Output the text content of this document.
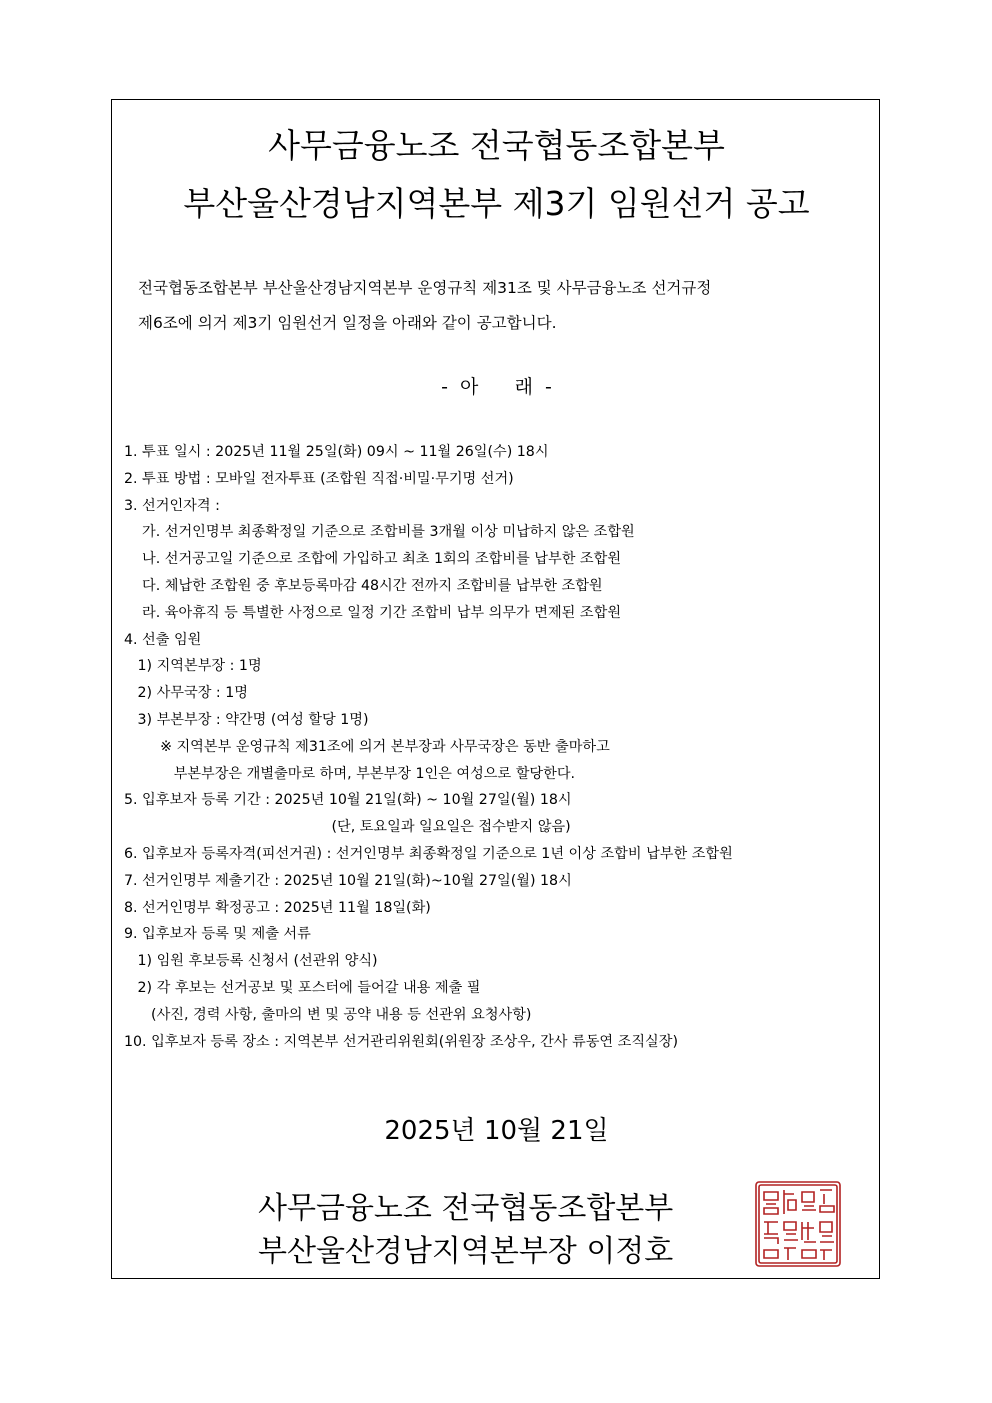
사무금융노조 전국협동조합본부
부산울산경남지역본부 제3기 임원선거 공고
전국협동조합본부 부산울산경남지역본부 운영규칙 제31조 및 사무금융노조 선거규정
제6조에 의거 제3기 임원선거 일정을 아래와 같이 공고합니다.
-  아      래  -
1. 투표 일시 : 2025년 11월 25일(화) 09시 ~ 11월 26일(수) 18시
2. 투표 방법 : 모바일 전자투표 (조합원 직접·비밀·무기명 선거)
3. 선거인자격 :
가. 선거인명부 최종확정일 기준으로 조합비를 3개월 이상 미납하지 않은 조합원
나. 선거공고일 기준으로 조합에 가입하고 최초 1회의 조합비를 납부한 조합원
다. 체납한 조합원 중 후보등록마감 48시간 전까지 조합비를 납부한 조합원
라. 육아휴직 등 특별한 사정으로 일정 기간 조합비 납부 의무가 면제된 조합원
4. 선출 임원
1) 지역본부장 : 1명
2) 사무국장 : 1명
3) 부본부장 : 약간명 (여성 할당 1명)
※ 지역본부 운영규칙 제31조에 의거 본부장과 사무국장은 동반 출마하고
부본부장은 개별출마로 하며, 부본부장 1인은 여성으로 할당한다.
5. 입후보자 등록 기간 : 2025년 10월 21일(화) ~ 10월 27일(월) 18시
(단, 토요일과 일요일은 접수받지 않음)
6. 입후보자 등록자격(피선거권) : 선거인명부 최종확정일 기준으로 1년 이상 조합비 납부한 조합원
7. 선거인명부 제출기간 : 2025년 10월 21일(화)~10월 27일(월) 18시
8. 선거인명부 확정공고 : 2025년 11월 18일(화)
9. 입후보자 등록 및 제출 서류
1) 임원 후보등록 신청서 (선관위 양식)
2) 각 후보는 선거공보 및 포스터에 들어갈 내용 제출 필
(사진, 경력 사항, 출마의 변 및 공약 내용 등 선관위 요청사항)
10. 입후보자 등록 장소 : 지역본부 선거관리위원회(위원장 조상우, 간사 류동연 조직실장)
2025년 10월 21일
사무금융노조 전국협동조합본부
부산울산경남지역본부장 이정호
